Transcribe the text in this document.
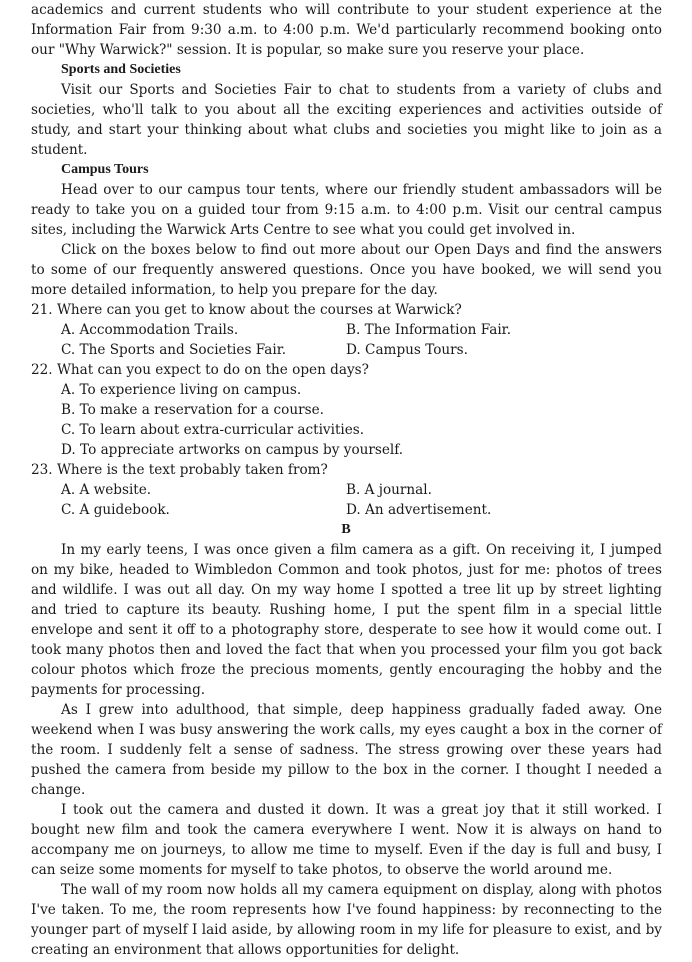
academics and current students who will contribute to your student experience at the Information Fair from 9:30 a.m. to 4:00 p.m. We'd particularly recommend booking onto our "Why Warwick?" session. It is popular, so make sure you reserve your place.

Sports and Societies

Visit our Sports and Societies Fair to chat to students from a variety of clubs and societies, who'll talk to you about all the exciting experiences and activities outside of study, and start your thinking about what clubs and societies you might like to join as a student.

Campus Tours

Head over to our campus tour tents, where our friendly student ambassadors will be ready to take you on a guided tour from 9:15 a.m. to 4:00 p.m. Visit our central campus sites, including the Warwick Arts Centre to see what you could get involved in.

Click on the boxes below to find out more about our Open Days and find the answers to some of our frequently answered questions. Once you have booked, we will send you more detailed information, to help you prepare for the day.

21. Where can you get to know about the courses at Warwick?

A. Accommodation Trails.	B. The Information Fair.
C. The Sports and Societies Fair.	D. Campus Tours.

22. What can you expect to do on the open days?

A. To experience living on campus.
B. To make a reservation for a course.
C. To learn about extra-curricular activities.
D. To appreciate artworks on campus by yourself.

23. Where is the text probably taken from?

A. A website.	B. A journal.
C. A guidebook.	D. An advertisement.
B

In my early teens, I was once given a film camera as a gift. On receiving it, I jumped on my bike, headed to Wimbledon Common and took photos, just for me: photos of trees and wildlife. I was out all day. On my way home I spotted a tree lit up by street lighting and tried to capture its beauty. Rushing home, I put the spent film in a special little envelope and sent it off to a photography store, desperate to see how it would come out. I took many photos then and loved the fact that when you processed your film you got back colour photos which froze the precious moments, gently encouraging the hobby and the payments for processing.

As I grew into adulthood, that simple, deep happiness gradually faded away. One weekend when I was busy answering the work calls, my eyes caught a box in the corner of the room. I suddenly felt a sense of sadness. The stress growing over these years had pushed the camera from beside my pillow to the box in the corner. I thought I needed a change.

I took out the camera and dusted it down. It was a great joy that it still worked. I bought new film and took the camera everywhere I went. Now it is always on hand to accompany me on journeys, to allow me time to myself. Even if the day is full and busy, I can seize some moments for myself to take photos, to observe the world around me.

The wall of my room now holds all my camera equipment on display, along with photos I've taken. To me, the room represents how I've found happiness: by reconnecting to the younger part of myself I laid aside, by allowing room in my life for pleasure to exist, and by creating an environment that allows opportunities for delight.
